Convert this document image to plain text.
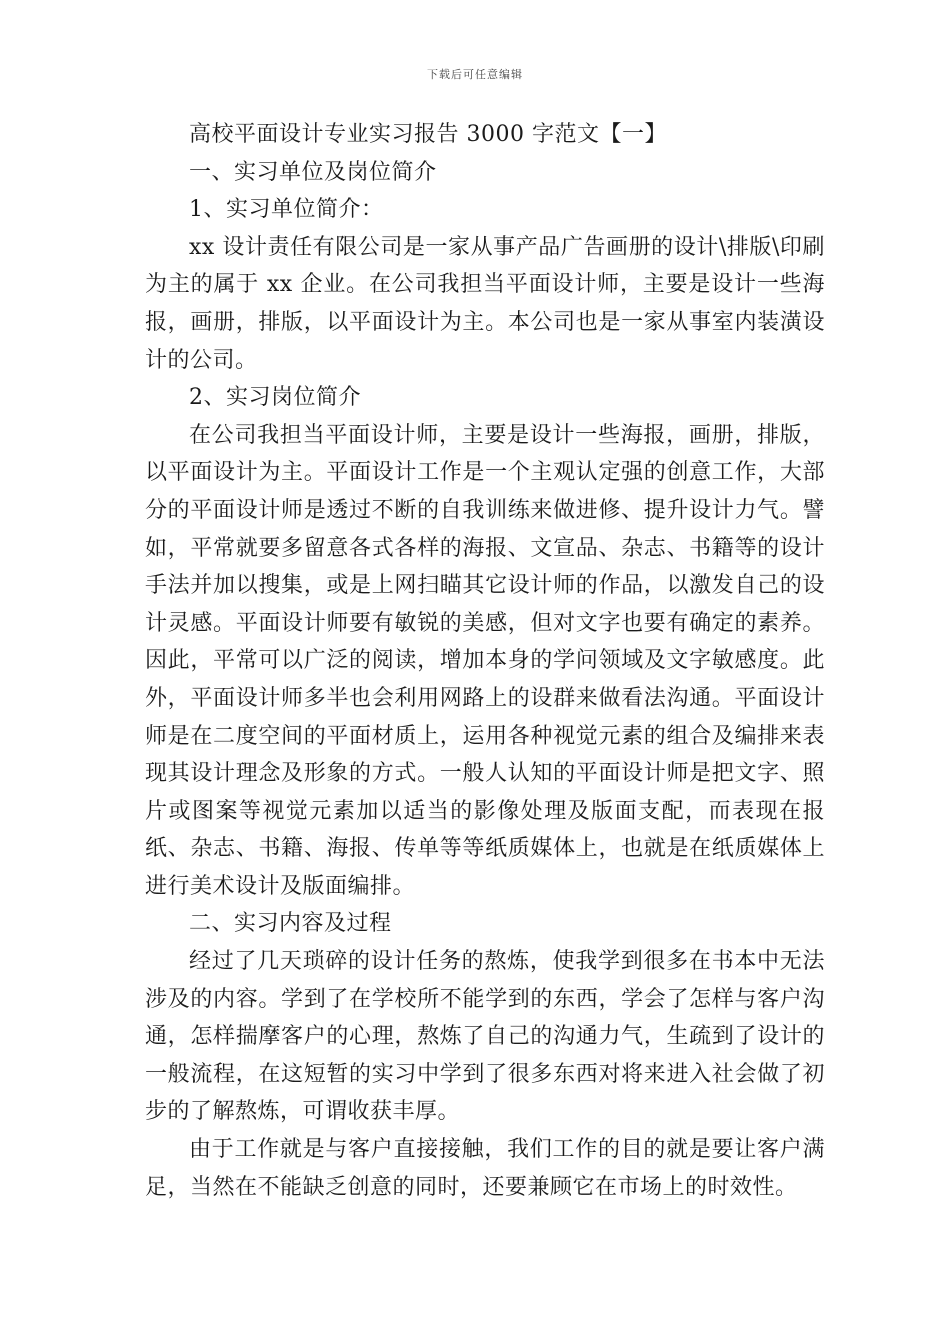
下载后可任意编辑

高校平面设计专业实习报告 3000 字范文【一】

一、实习单位及岗位简介

1、实习单位简介：

xx 设计责任有限公司是一家从事产品广告画册的设计\排版\印刷为主的属于 xx 企业。在公司我担当平面设计师，主要是设计一些海报，画册，排版，以平面设计为主。本公司也是一家从事室内装潢设计的公司。

2、实习岗位简介

在公司我担当平面设计师，主要是设计一些海报，画册，排版，以平面设计为主。平面设计工作是一个主观认定强的创意工作，大部分的平面设计师是透过不断的自我训练来做进修、提升设计力气。譬如，平常就要多留意各式各样的海报、文宣品、杂志、书籍等的设计手法并加以搜集，或是上网扫瞄其它设计师的作品，以激发自己的设计灵感。平面设计师要有敏锐的美感，但对文字也要有确定的素养。因此，平常可以广泛的阅读，增加本身的学问领域及文字敏感度。此外，平面设计师多半也会利用网路上的设群来做看法沟通。平面设计师是在二度空间的平面材质上，运用各种视觉元素的组合及编排来表现其设计理念及形象的方式。一般人认知的平面设计师是把文字、照片或图案等视觉元素加以适当的影像处理及版面支配，而表现在报纸、杂志、书籍、海报、传单等等纸质媒体上，也就是在纸质媒体上进行美术设计及版面编排。

二、实习内容及过程

经过了几天琐碎的设计任务的熬炼，使我学到很多在书本中无法涉及的内容。学到了在学校所不能学到的东西，学会了怎样与客户沟通，怎样揣摩客户的心理，熬炼了自己的沟通力气，生疏到了设计的一般流程，在这短暂的实习中学到了很多东西对将来进入社会做了初步的了解熬炼，可谓收获丰厚。

由于工作就是与客户直接接触，我们工作的目的就是要让客户满足，当然在不能缺乏创意的同时，还要兼顾它在市场上的时效性。
